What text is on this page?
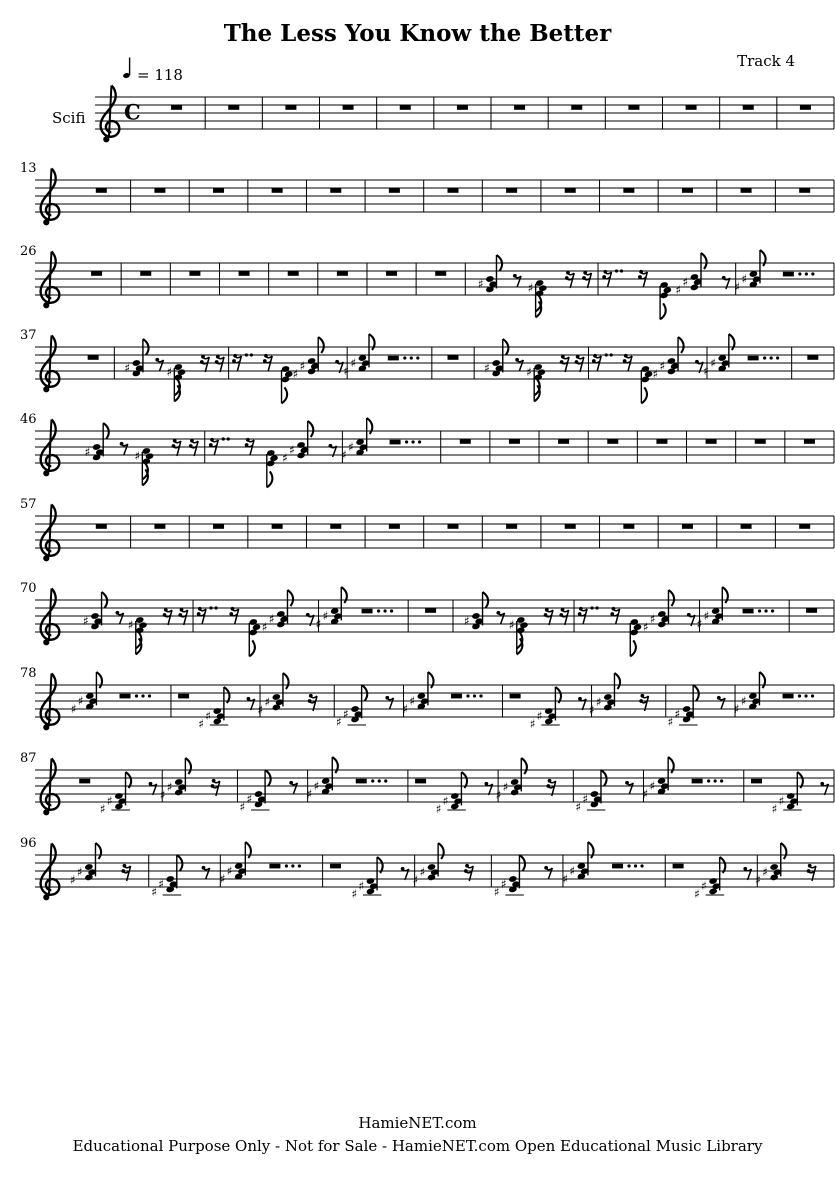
The Less You Know the Better
Track 4
Scifi C
= 118
13
26
♯	♯	♯
♯
♯
♯
37
♯	♯	♯
♯
♯
♯	♯	♯	♯
♯
♯
♯
46
♯	♯	♯
♯
♯
♯
57
70
♯	♯	♯
♯
♯
♯	♯	♯	♯
♯
♯
♯
78
♯
♯	♯
♯
♯
♯	♯
♯
♯
♯	♯
♯
♯
♯	♯
♯
♯
♯
87
♯
♯
♯
♯	♯
♯
♯
♯	♯
♯
♯
♯	♯
♯
♯
♯	♯
♯
96
♯
♯	♯
♯
♯
♯	♯
♯
♯
♯	♯
♯
♯
♯	♯
♯
♯
♯
HamieNET.com
Educational Purpose Only - Not for Sale - HamieNET.com Open Educational Music Library
